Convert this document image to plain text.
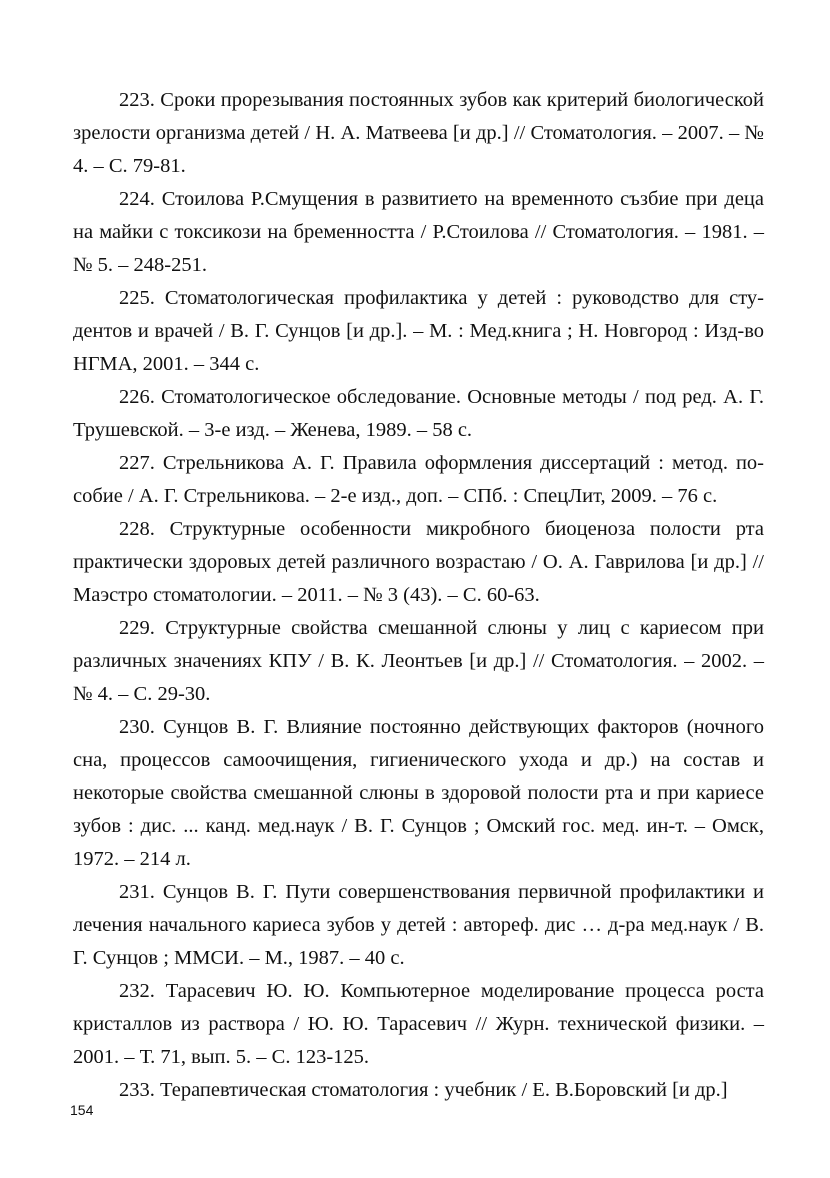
223. Сроки прорезывания постоянных зубов как критерий биологической зрелости организма детей / Н. А. Матвеева [и др.] // Стоматология. – 2007. – № 4. – С. 79-81.

224. Стоилова Р.Смущения в развитието на временното съзбие при деца на майки с токсикози на бременността / Р.Стоилова // Стоматология. – 1981. – № 5. – 248-251.

225. Стоматологическая профилактика у детей : руководство для студентов и врачей / В. Г. Сунцов [и др.]. – М. : Мед.книга ; Н. Новгород : Изд-во НГМА, 2001. – 344 с.

226. Стоматологическое обследование. Основные методы / под ред. А. Г. Трушевской. – 3-е изд. – Женева, 1989. – 58 с.

227. Стрельникова А. Г. Правила оформления диссертаций : метод. пособие / А. Г. Стрельникова. – 2-е изд., доп. – СПб. : СпецЛит, 2009. – 76 с.

228. Структурные особенности микробного биоценоза полости рта практически здоровых детей различного возрастаю / О. А. Гаврилова [и др.] // Маэстро стоматологии. – 2011. – № 3 (43). – С. 60-63.

229. Структурные свойства смешанной слюны у лиц с кариесом при различных значениях КПУ / В. К. Леонтьев [и др.] // Стоматология. – 2002. – № 4. – С. 29-30.

230. Сунцов В. Г. Влияние постоянно действующих факторов (ночного сна, процессов самоочищения, гигиенического ухода и др.) на состав и некоторые свойства смешанной слюны в здоровой полости рта и при кариесе зубов : дис. ... канд. мед.наук / В. Г. Сунцов ; Омский гос. мед. ин-т. – Омск, 1972. – 214 л.

231. Сунцов В. Г. Пути совершенствования первичной профилактики и лечения начального кариеса зубов у детей : автореф. дис … д-ра мед.наук / В. Г. Сунцов ; ММСИ. – М., 1987. – 40 с.

232. Тарасевич Ю. Ю. Компьютерное моделирование процесса роста кристаллов из раствора / Ю. Ю. Тарасевич // Журн. технической физики. – 2001. – Т. 71, вып. 5. – С. 123-125.

233. Терапевтическая стоматология : учебник / Е. В.Боровский [и др.]

154
